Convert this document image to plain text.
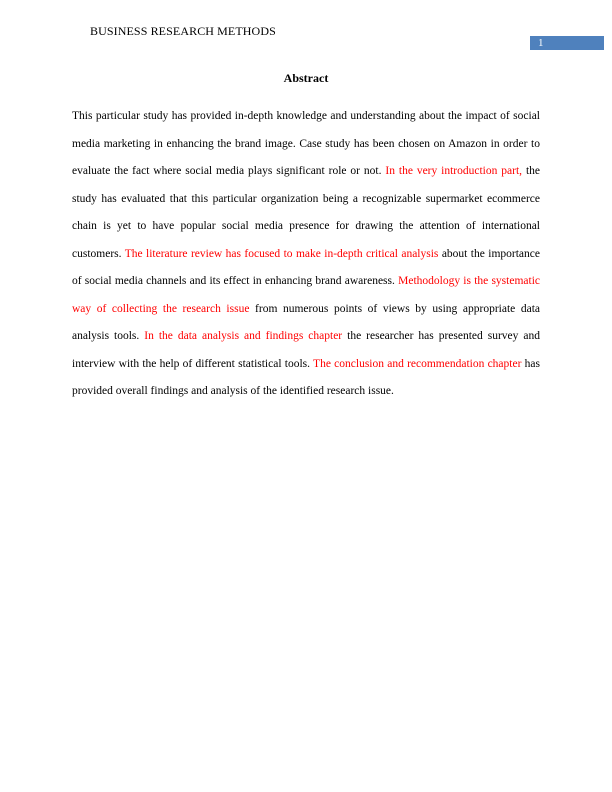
BUSINESS RESEARCH METHODS
1
Abstract

This particular study has provided in-depth knowledge and understanding about the impact of social media marketing in enhancing the brand image. Case study has been chosen on Amazon in order to evaluate the fact where social media plays significant role or not. In the very introduction part, the study has evaluated that this particular organization being a recognizable supermarket ecommerce chain is yet to have popular social media presence for drawing the attention of international customers. The literature review has focused to make in-depth critical analysis about the importance of social media channels and its effect in enhancing brand awareness. Methodology is the systematic way of collecting the research issue from numerous points of views by using appropriate data analysis tools. In the data analysis and findings chapter the researcher has presented survey and interview with the help of different statistical tools. The conclusion and recommendation chapter has provided overall findings and analysis of the identified research issue.
